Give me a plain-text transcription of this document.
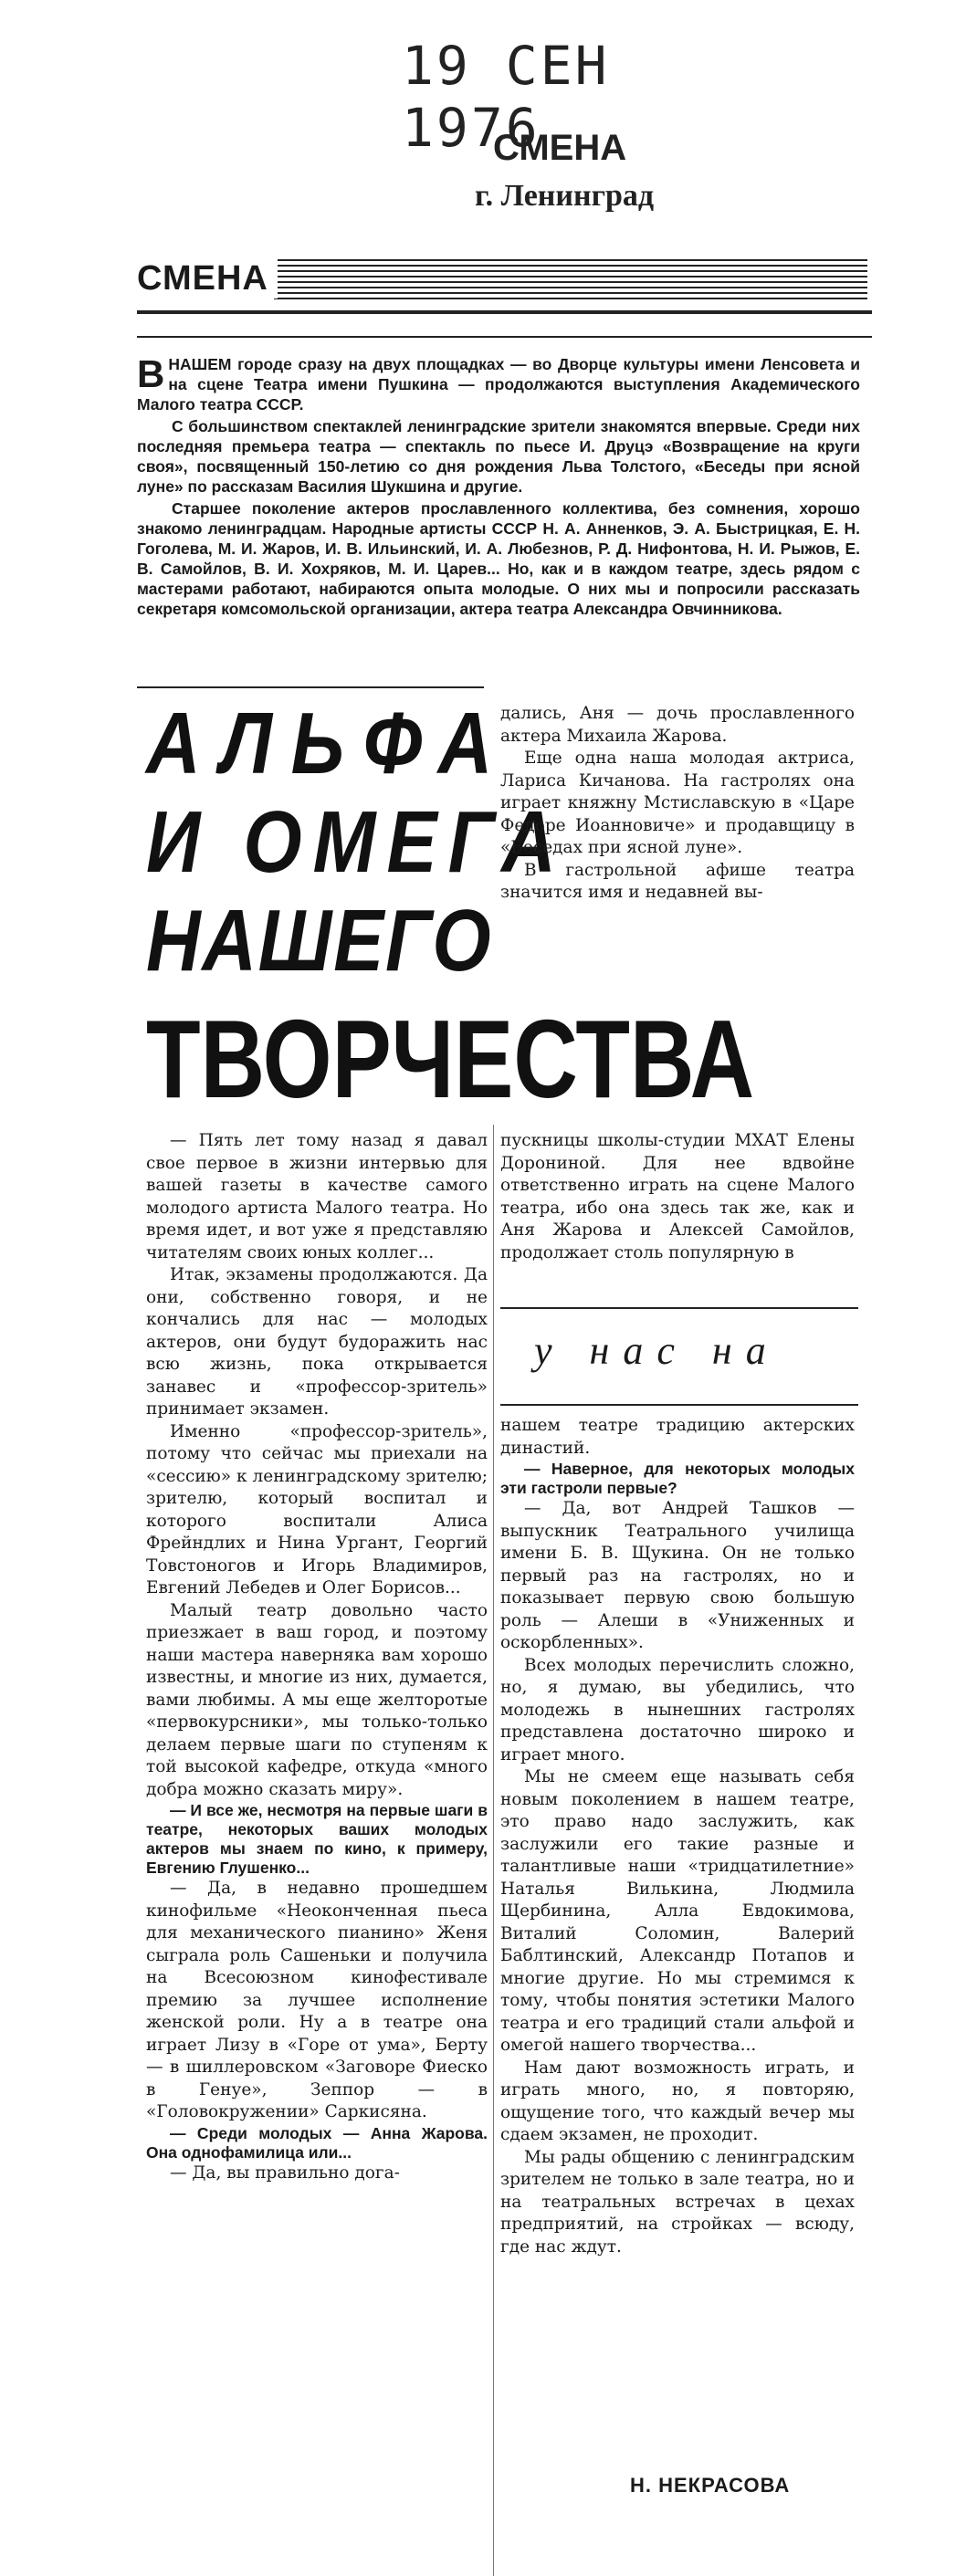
19 СЕН 1976
СМЕНА
г. Ленинград
СМЕНА

ВНАШЕМ городе сразу на двух площадках — во Дворце культуры имени Ленсовета и на сцене Театра имени Пушкина — продолжаются выступления Академического Малого театра СССР.

С большинством спектаклей ленинградские зрители знакомятся впервые. Среди них последняя премьера театра — спектакль по пьесе И. Друцэ «Возвращение на круги своя», посвященный 150-летию со дня рождения Льва Толстого, «Беседы при ясной луне» по рассказам Василия Шукшина и другие.

Старшее поколение актеров прославленного коллектива, без сомнения, хорошо знакомо ленинградцам. Народные артисты СССР Н. А. Анненков, Э. А. Быстрицкая, Е. Н. Гоголева, М. И. Жаров, И. В. Ильинский, И. А. Любезнов, Р. Д. Нифонтова, Н. И. Рыжов, Е. В. Самойлов, В. И. Хохряков, М. И. Царев... Но, как и в каждом театре, здесь рядом с мастерами работают, набираются опыта молодые. О них мы и попросили рассказать секретаря комсомольской организации, актера театра Александра Овчинникова.

АЛЬФА
И ОМЕГА
НАШЕГО
ТВОРЧЕСТВА

дались, Аня — дочь прославленного актера Михаила Жарова.

Еще одна наша молодая актриса, Лариса Кичанова. На гастролях она играет княжну Мстиславскую в «Царе Федоре Иоанновиче» и продавщицу в «Беседах при ясной луне».

В гастрольной афише театра значится имя и недавней вы-

— Пять лет тому назад я давал свое первое в жизни интервью для вашей газеты в качестве самого молодого артиста Малого театра. Но время идет, и вот уже я представляю читателям своих юных коллег...

Итак, экзамены продолжаются. Да они, собственно говоря, и не кончались для нас — молодых актеров, они будут будоражить нас всю жизнь, покa открывается занавес и «профессор-зритель» принимает экзамен.

Именно «профессор-зритель», потому что сейчас мы приехали на «сессию» к ленинградскому зрителю; зрителю, который воспитал и которого воспитали Алиса Фрейндлих и Нина Ургант, Георгий Товстоногов и Игорь Владимиров, Евгений Лебедев и Олег Борисов...

Малый театр довольно часто приезжает в ваш город, и поэтому наши мастера наверняка вам хорошо известны, и многие из них, думается, вами любимы. А мы еще желторотые «первокурсники», мы только-только делаем первые шаги по ступеням к той высокой кафедре, откуда «много добра можно сказать миру».

— И все же, несмотря на первые шаги в театре, некоторых ваших молодых актеров мы знаем по кино, к примеру, Евгению Глушенко...

— Да, в недавно прошедшем кинофильме «Неоконченная пьеса для механического пианино» Женя сыграла роль Сашеньки и получила на Всесоюзном кинофестивале премию за лучшее исполнение женской роли. Ну а в театре она играет Лизу в «Горе от ума», Берту — в шиллеровском «Заговоре Фиеско в Генуе», Зеппор — в «Головокружении» Саркисяна.

— Среди молодых — Анна Жарова. Она однофамилица или...

— Да, вы правильно дога-

пускницы школы-студии МХАТ Елены Дорониной. Для нее вдвойне ответственно играть на сцене Малого театра, ибо она здесь так же, как и Аня Жарова и Алексей Самойлов, продолжает столь популярную в

у нас на

нашем театре традицию актерских династий.

— Наверное, для некоторых молодых эти гастроли первые?

— Да, вот Андрей Ташков — выпускник Театрального училища имени Б. В. Щукина. Он не только первый раз на гастролях, но и показывает первую свою большую роль — Алеши в «Униженных и оскорбленных».

Всех молодых перечислить сложно, но, я думаю, вы убедились, что молодежь в нынешних гастролях представлена достаточно широко и играет много.

Мы не смеем еще называть себя новым поколением в нашем театре, это право надо заслужить, как заслужили его такие разные и талантливые наши «тридцатилетние» Наталья Вилькина, Людмила Щербинина, Алла Евдокимова, Виталий Соломин, Валерий Баблтинский, Александр Потапов и многие другие. Но мы стремимся к тому, чтобы понятия эстетики Малого театра и его традиций стали альфой и омегой нашего творчества...

Нам дают возможность играть, и играть много, но, я повторяю, ощущение того, что каждый вечер мы сдаем экзамен, не проходит.

Мы рады общению с ленинградским зрителем не только в зале театра, но и на театральных встречах в цехах предприятий, на стройках — всюду, где нас ждут.

Н. НЕКРАСОВА
